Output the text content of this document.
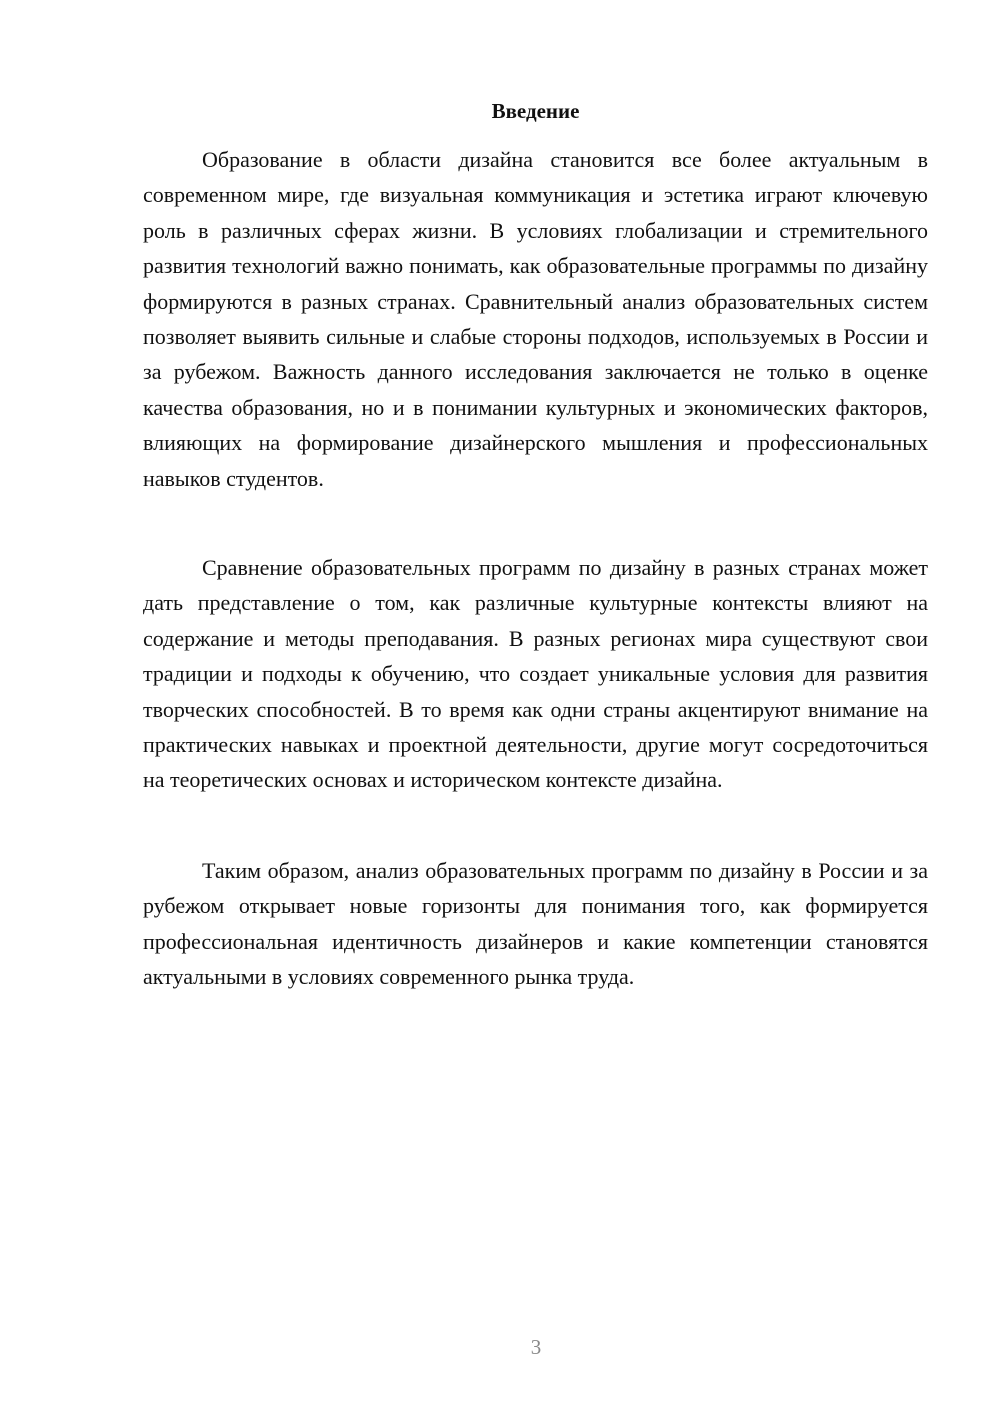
Введение

Образование в области дизайна становится все более актуальным в современном мире, где визуальная коммуникация и эстетика играют ключевую роль в различных сферах жизни. В условиях глобализации и стремительного развития технологий важно понимать, как образовательные программы по дизайну формируются в разных странах. Сравнительный анализ образовательных систем позволяет выявить сильные и слабые стороны подходов, используемых в России и за рубежом. Важность данного исследования заключается не только в оценке качества образования, но и в понимании культурных и экономических факторов, влияющих на формирование дизайнерского мышления и профессиональных навыков студентов.

Сравнение образовательных программ по дизайну в разных странах может дать представление о том, как различные культурные контексты влияют на содержание и методы преподавания. В разных регионах мира существуют свои традиции и подходы к обучению, что создает уникальные условия для развития творческих способностей. В то время как одни страны акцентируют внимание на практических навыках и проектной деятельности, другие могут сосредоточиться на теоретических основах и историческом контексте дизайна.

Таким образом, анализ образовательных программ по дизайну в России и за рубежом открывает новые горизонты для понимания того, как формируется профессиональная идентичность дизайнеров и какие компетенции становятся актуальными в условиях современного рынка труда.

3
